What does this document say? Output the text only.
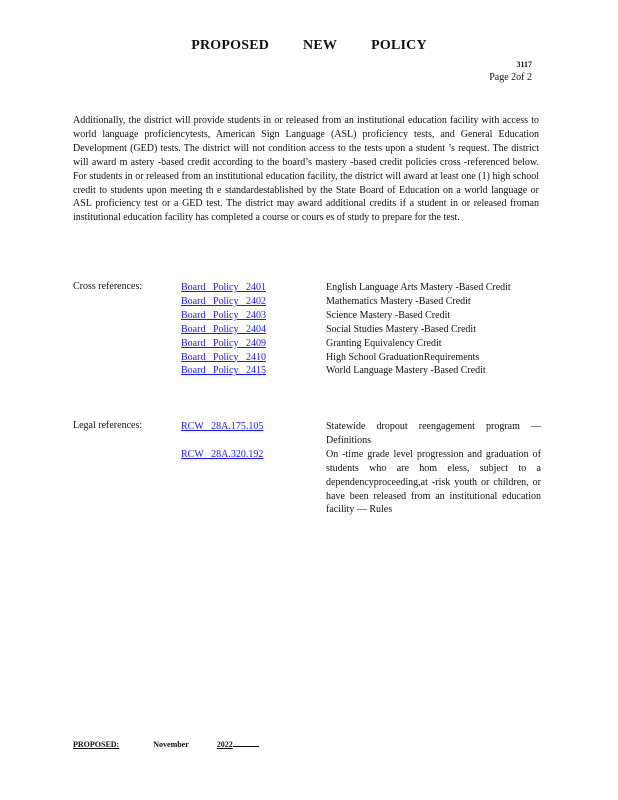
PROPOSED NEW POLICY
3117
Page 2of 2
Additionally, the district will provide students in or released from an institutional education facility with access to world language proficiencytests, American Sign Language (ASL) proficiency tests, and General Education Development (GED) tests. The district will not condition access to the tests upon a student ’s request. The district will award m astery -based credit according to the board’s mastery -based credit policies cross -referenced below. For students in or released from an institutional education facility, the district will award at least one (1) high school credit to students upon meeting th e standardestablished by the State Board of Education on a world language or ASL proficiency test or a GED test. The district may award additional credits if a student in or released froman institutional education facility has completed a course or cours es of study to prepare for the test.
Cross references:	Board Policy 2401	English Language Arts Mastery -Based Credit
Board Policy 2402	Mathematics Mastery -Based Credit
Board Policy 2403	Science Mastery -Based Credit
Board Policy 2404	Social Studies Mastery -Based Credit
Board Policy 2409	Granting Equivalency Credit
Board Policy 2410	High School GraduationRequirements
Board Policy 2415	World Language Mastery -Based Credit
Legal references:	RCW 28A.175.105	Statewide dropout reengagement program — Definitions
RCW 28A.320.192	On -time grade level progression and graduation of students who are hom eless, subject to a dependencyproceeding,at -risk youth or children, or have been released from an institutional education facility — Rules
PROPOSED:	November	2022
